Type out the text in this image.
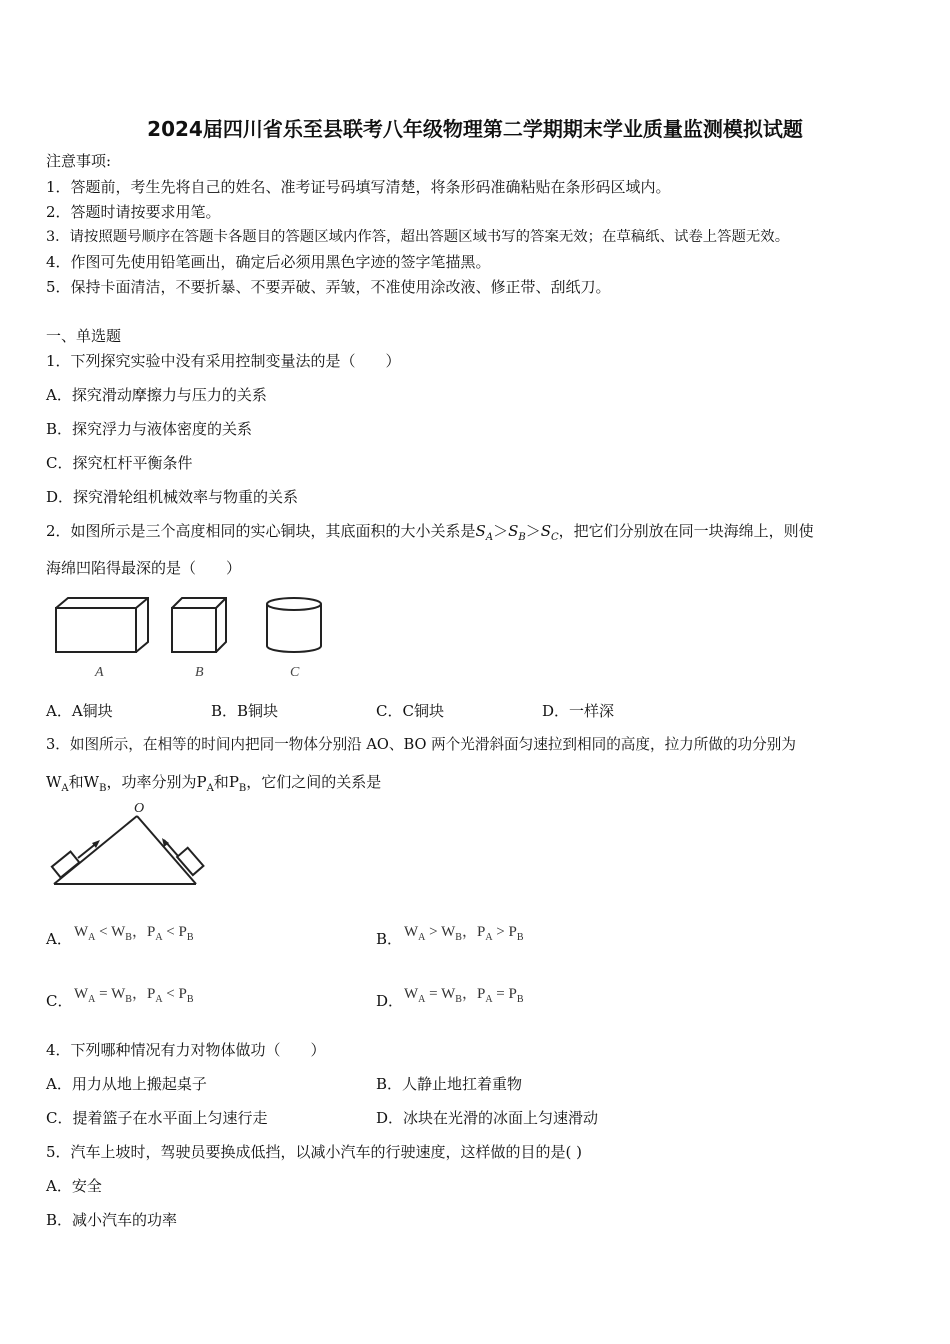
2024届四川省乐至县联考八年级物理第二学期期末学业质量监测模拟试题
注意事项:
1．答题前，考生先将自己的姓名、准考证号码填写清楚，将条形码准确粘贴在条形码区域内。
2．答题时请按要求用笔。
3．请按照题号顺序在答题卡各题目的答题区域内作答，超出答题区域书写的答案无效；在草稿纸、试卷上答题无效。
4．作图可先使用铅笔画出，确定后必须用黑色字迹的签字笔描黑。
5．保持卡面清洁，不要折暴、不要弄破、弄皱，不准使用涂改液、修正带、刮纸刀。
一、单选题
1．下列探究实验中没有采用控制变量法的是（　　）
A．探究滑动摩擦力与压力的关系
B．探究浮力与液体密度的关系
C．探究杠杆平衡条件
D．探究滑轮组机械效率与物重的关系
2．如图所示是三个高度相同的实心铜块，其底面积的大小关系是$S_A>S_B>S_C$，把它们分别放在同一块海绵上，则使
海绵凹陷得最深的是（　　）
A	B	C
A．A铜块	B．B铜块	C．C铜块	D．一样深
3．如图所示，在相等的时间内把同一物体分别沿 AO、BO 两个光滑斜面匀速拉到相同的高度，拉力所做的功分别为
$W_A$和$W_B$，功率分别为$P_A$和$P_B$，它们之间的关系是
O
A． $W_A < W_B$，$P_A < P_B$	B． $W_A > W_B$，$P_A > P_B$
C． $W_A = W_B$，$P_A < P_B$	D． $W_A = W_B$，$P_A = P_B$
4．下列哪种情况有力对物体做功（　　）
A．用力从地上搬起桌子	B．人静止地扛着重物
C．提着篮子在水平面上匀速行走	D．冰块在光滑的冰面上匀速滑动
5．汽车上坡时，驾驶员要换成低挡，以减小汽车的行驶速度，这样做的目的是( )
A．安全
B．减小汽车的功率
